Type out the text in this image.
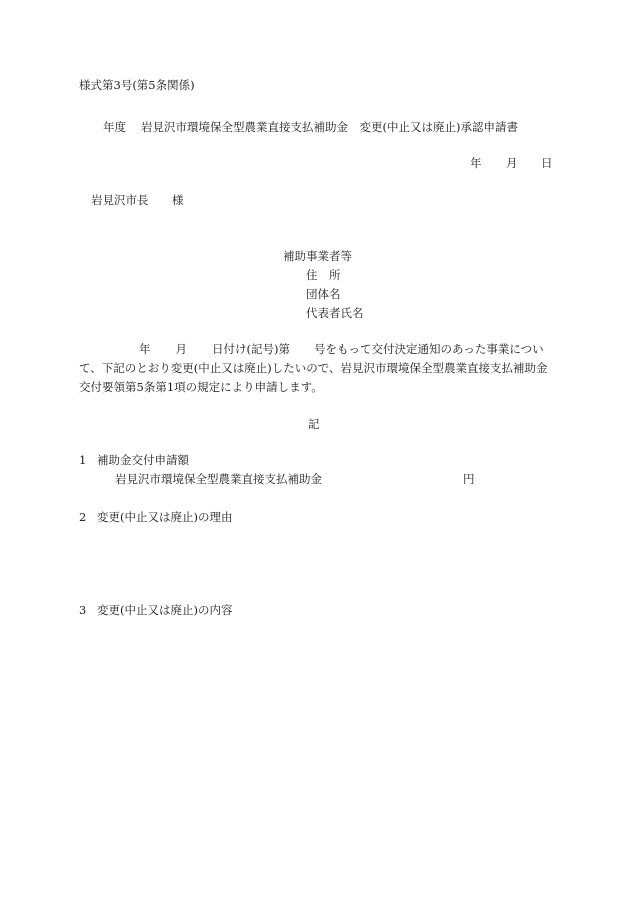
様式第3号(第5条関係)
年度 岩見沢市環境保全型農業直接支払補助金　変更(中止又は廃止)承認申請書
年 月 日
岩見沢市長 様
補助事業者等
住　所
団体名
代表者氏名

年 月 日付け(記号)第 号をもって交付決定通知のあった事業につい

て、下記のとおり変更(中止又は廃止)したいので、岩見沢市環境保全型農業直接支払補助金

交付要領第5条第1項の規定により申請します。

記
1 補助金交付申請額
岩見沢市環境保全型農業直接支払補助金	円
2 変更(中止又は廃止)の理由
3 変更(中止又は廃止)の内容
